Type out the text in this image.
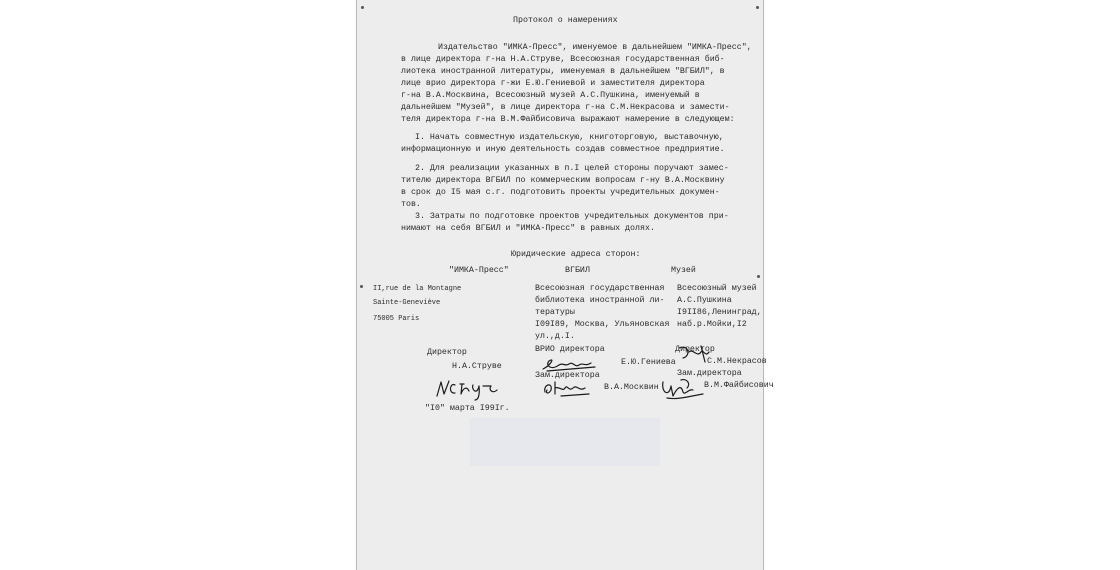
Протокол о намерениях
Издательство "ИМКА-Пресс", именуемое в дальнейшем "ИМКА-Пресс",
в лице директора г-на Н.А.Струве, Всесоюзная государственная биб-
лиотека иностранной литературы, именуемая в дальнейшем "ВГБИЛ", в
лице врио директора г-жи Е.Ю.Гениевой и заместителя директора
г-на В.А.Москвина, Всесоюзный музей А.С.Пушкина, именуемый в
дальнейшем "Музей", в лице директора г-на С.М.Некрасова и замести-
теля директора г-на В.М.Файбисовича выражают намерение в следующем:
I. Начать совместную издательскую, книготорговую, выставочную,
информационную и иную деятельность создав совместное предприятие.
2. Для реализации указанных в п.I целей стороны поручают замес-
тителю директора ВГБИЛ по коммерческим вопросам г-ну В.А.Москвину
в срок до I5 мая с.г. подготовить проекты учредительных докумен-
тов.
3. Затраты по подготовке проектов учредительных документов при-
нимают на себя ВГБИЛ и "ИМКА-Пресс" в равных долях.
Юридические адреса сторон:
"ИМКА-Пресс"	ВГБИЛ	Музей
II,rue de la Montagne
Sainte-Geneviève
75005 Paris
Всесоюзная государственная
библиотека иностранной ли-
тературы
I09I89, Москва, Ульяновская
ул.,д.I.
Всесоюзный музей
А.С.Пушкина
I9II86,Ленинград,
наб.р.Мойки,I2
Директор
Н.А.Струве
ВРИО директора
Е.Ю.Гениева
Зам.директора
В.А.Москвин
Директор
С.М.Некрасов
Зам.директора
В.М.Файбисович
"I0" марта I99Iг.
